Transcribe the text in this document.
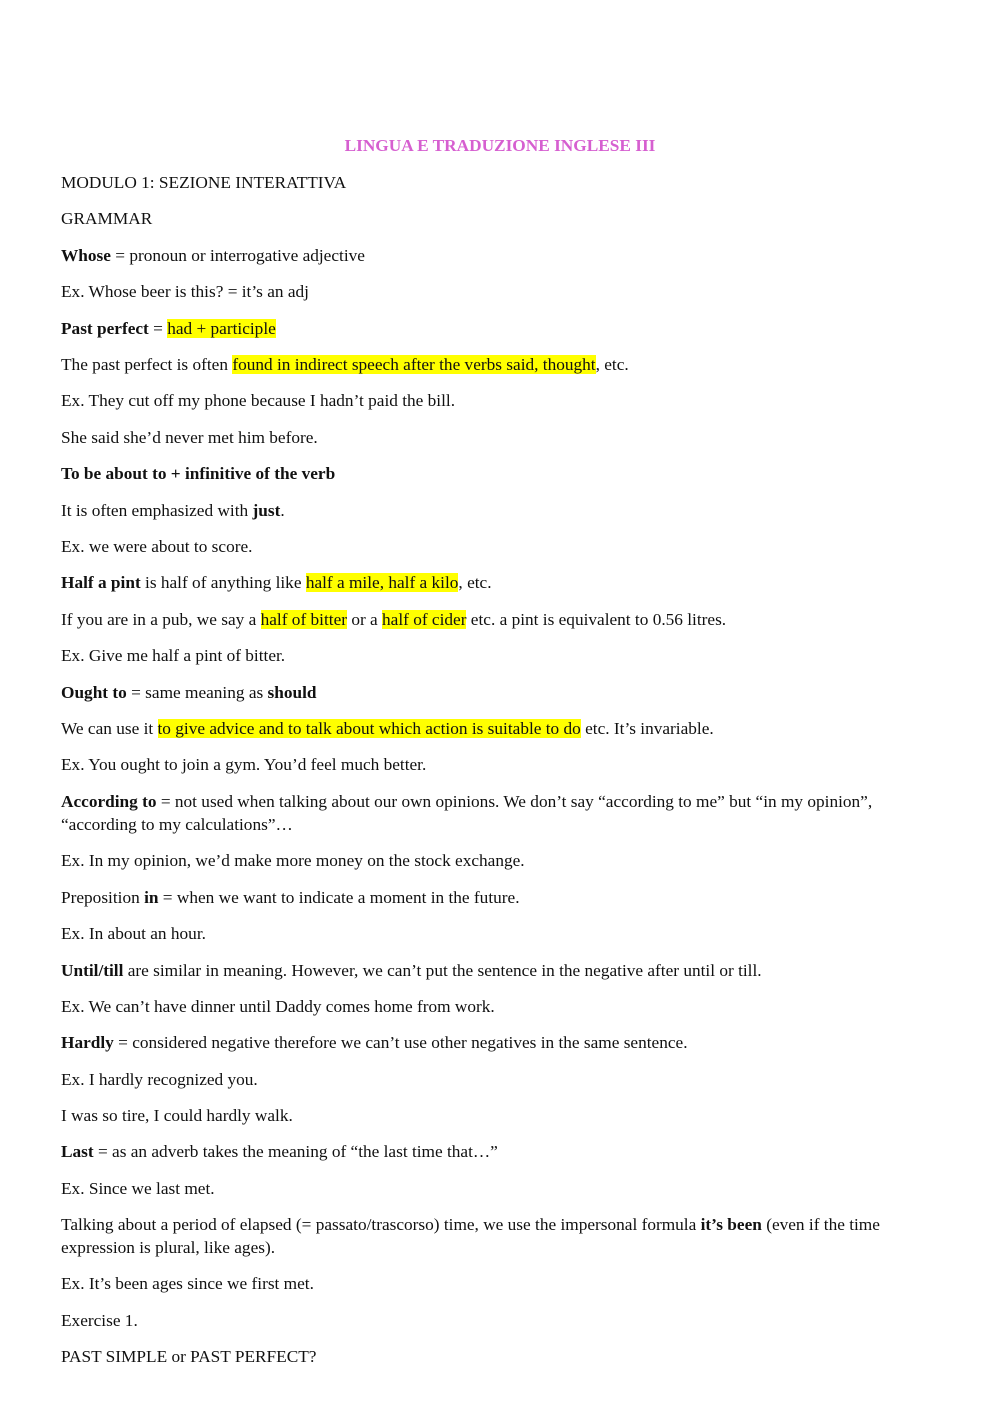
LINGUA E TRADUZIONE INGLESE III
MODULO 1: SEZIONE INTERATTIVA
GRAMMAR
Whose = pronoun or interrogative adjective
Ex. Whose beer is this? = it’s an adj
Past perfect = had + participle
The past perfect is often found in indirect speech after the verbs said, thought, etc.
Ex. They cut off my phone because I hadn’t paid the bill.
She said she’d never met him before.
To be about to + infinitive of the verb
It is often emphasized with just.
Ex. we were about to score.
Half a pint is half of anything like half a mile, half a kilo, etc.
If you are in a pub, we say a half of bitter or a half of cider etc. a pint is equivalent to 0.56 litres.
Ex. Give me half a pint of bitter.
Ought to = same meaning as should
We can use it to give advice and to talk about which action is suitable to do etc. It’s invariable.
Ex. You ought to join a gym. You’d feel much better.
According to = not used when talking about our own opinions. We don’t say “according to me” but “in my opinion”, “according to my calculations”…
Ex. In my opinion, we’d make more money on the stock exchange.
Preposition in = when we want to indicate a moment in the future.
Ex. In about an hour.
Until/till are similar in meaning. However, we can’t put the sentence in the negative after until or till.
Ex. We can’t have dinner until Daddy comes home from work.
Hardly = considered negative therefore we can’t use other negatives in the same sentence.
Ex. I hardly recognized you.
I was so tire, I could hardly walk.
Last = as an adverb takes the meaning of “the last time that…”
Ex. Since we last met.
Talking about a period of elapsed (= passato/trascorso) time, we use the impersonal formula it’s been (even if the time expression is plural, like ages).
Ex. It’s been ages since we first met.
Exercise 1.
PAST SIMPLE or PAST PERFECT?
